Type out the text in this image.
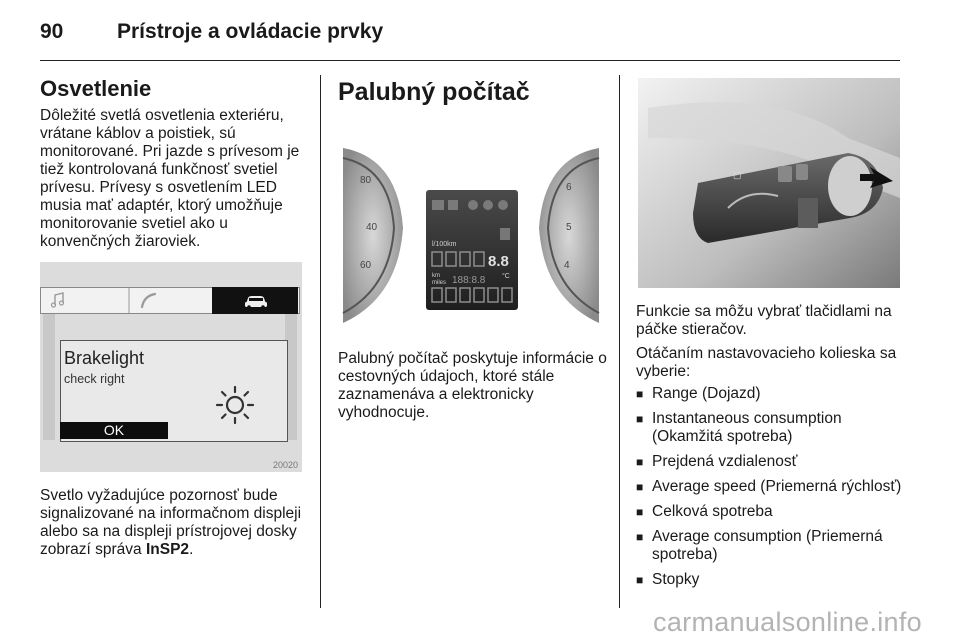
90	Prístroje a ovládacie prvky
Osvetlenie
Dôležité svetlá osvetlenia exteriéru, vrátane káblov a poistiek, sú monitorované. Pri jazde s prívesom je tiež kontrolovaná funkčnosť svetiel prívesu. Prívesy s osvetlením LED musia mať adaptér, ktorý umožňuje monitorovanie svetiel ako u konvenčných žiaroviek.
Brakelight
check right
OK
20020
Svetlo vyžadujúce pozornosť bude signalizované na informačnom displeji alebo sa na displeji prístrojovej dosky zobrazí správa InSP2.
Palubný počítač
80
40
60
6
5
4
l/100km
8.8
km
miles 188:8.8 °C
Palubný počítač poskytuje informácie o cestovných údajoch, ktoré stále zaznamenáva a elektronicky vyhodnocuje.
▢
Funkcie sa môžu vybrať tlačidlami na páčke stieračov.
Otáčaním nastavovacieho kolieska sa vyberie:
■ Range (Dojazd)
■ Instantaneous consumption (Okamžitá spotreba)
■ Prejdená vzdialenosť
■ Average speed (Priemerná rýchlosť)
■ Celková spotreba
■ Average consumption (Priemerná spotreba)
■ Stopky
carmanualsonline.info
